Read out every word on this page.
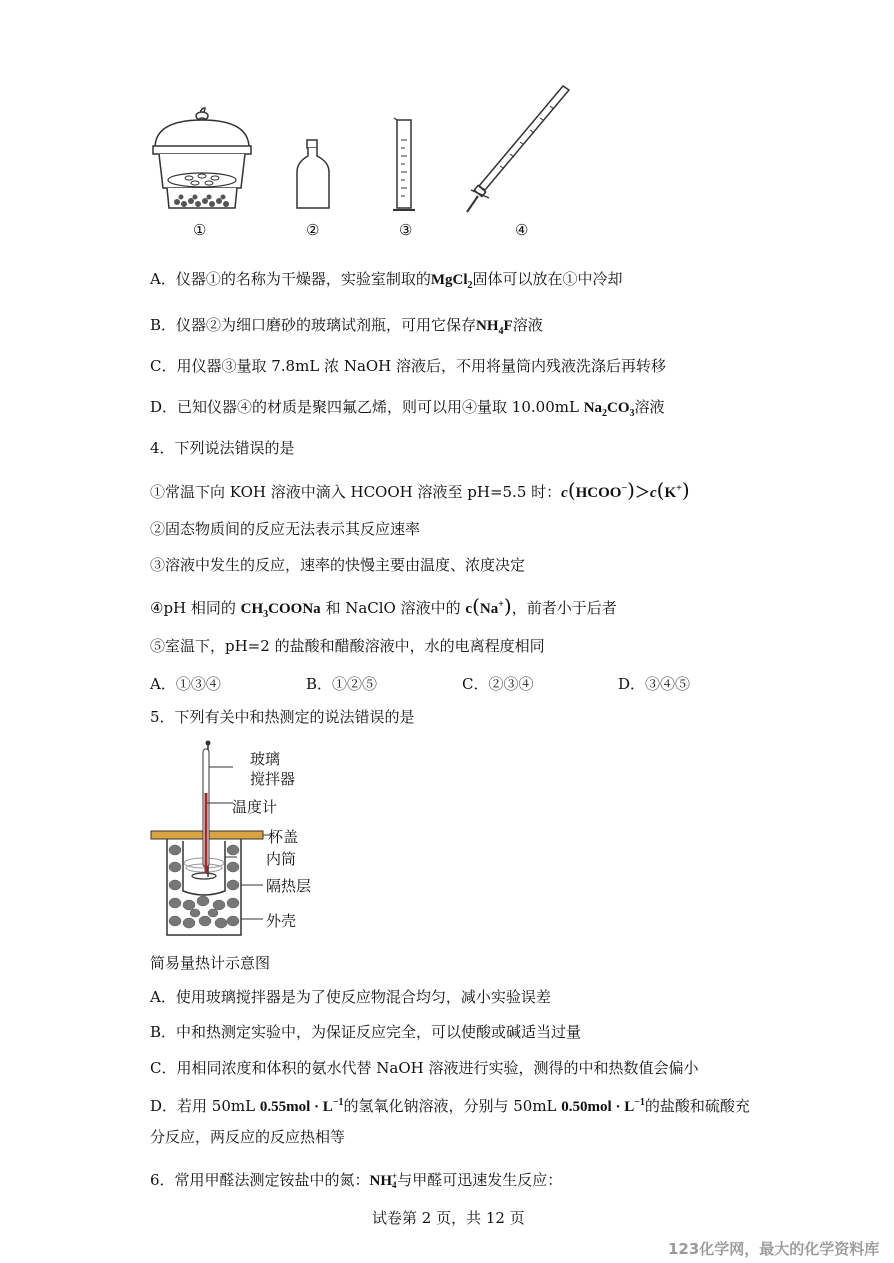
①	②	③	④
A．仪器①的名称为干燥器，实验室制取的MgCl$_2$固体可以放在①中冷却
B．仪器②为细口磨砂的玻璃试剂瓶，可用它保存$NH_4F$溶液
C．用仪器③量取 7.8mL 浓 NaOH 溶液后，不用将量筒内残液洗涤后再转移
D．已知仪器④的材质是聚四氟乙烯，则可以用④量取 10.00mL $Na_2CO_3$溶液
4．下列说法错误的是
①常温下向 KOH 溶液中滴入 HCOOH 溶液至 pH=5.5 时：c(HCOO−)＞c(K+)
②固态物质间的反应无法表示其反应速率
③溶液中发生的反应，速率的快慢主要由温度、浓度决定
④pH 相同的 $CH_3COONa$ 和 NaClO 溶液中的 c(Na+)，前者小于后者
⑤室温下，pH=2 的盐酸和醋酸溶液中，水的电离程度相同
A．①③④	B．①②⑤	C．②③④	D．③④⑤
5．下列有关中和热测定的说法错误的是
玻璃
搅拌器
温度计
杯盖
内筒
隔热层
外壳
简易量热计示意图
A．使用玻璃搅拌器是为了使反应物混合均匀，减小实验误差
B．中和热测定实验中，为保证反应完全，可以使酸或碱适当过量
C．用相同浓度和体积的氨水代替 NaOH 溶液进行实验，测得的中和热数值会偏小
D．若用 50mL $0.55mol \cdot L^{-1}$的氢氧化钠溶液，分别与 50mL $0.50mol \cdot L^{-1}$的盐酸和硫酸充
分反应，两反应的反应热相等
6．常用甲醛法测定铵盐中的氮：NH +
4 与甲醛可迅速发生反应：
试卷第 2 页，共 12 页
123化学网，最大的化学资料库
